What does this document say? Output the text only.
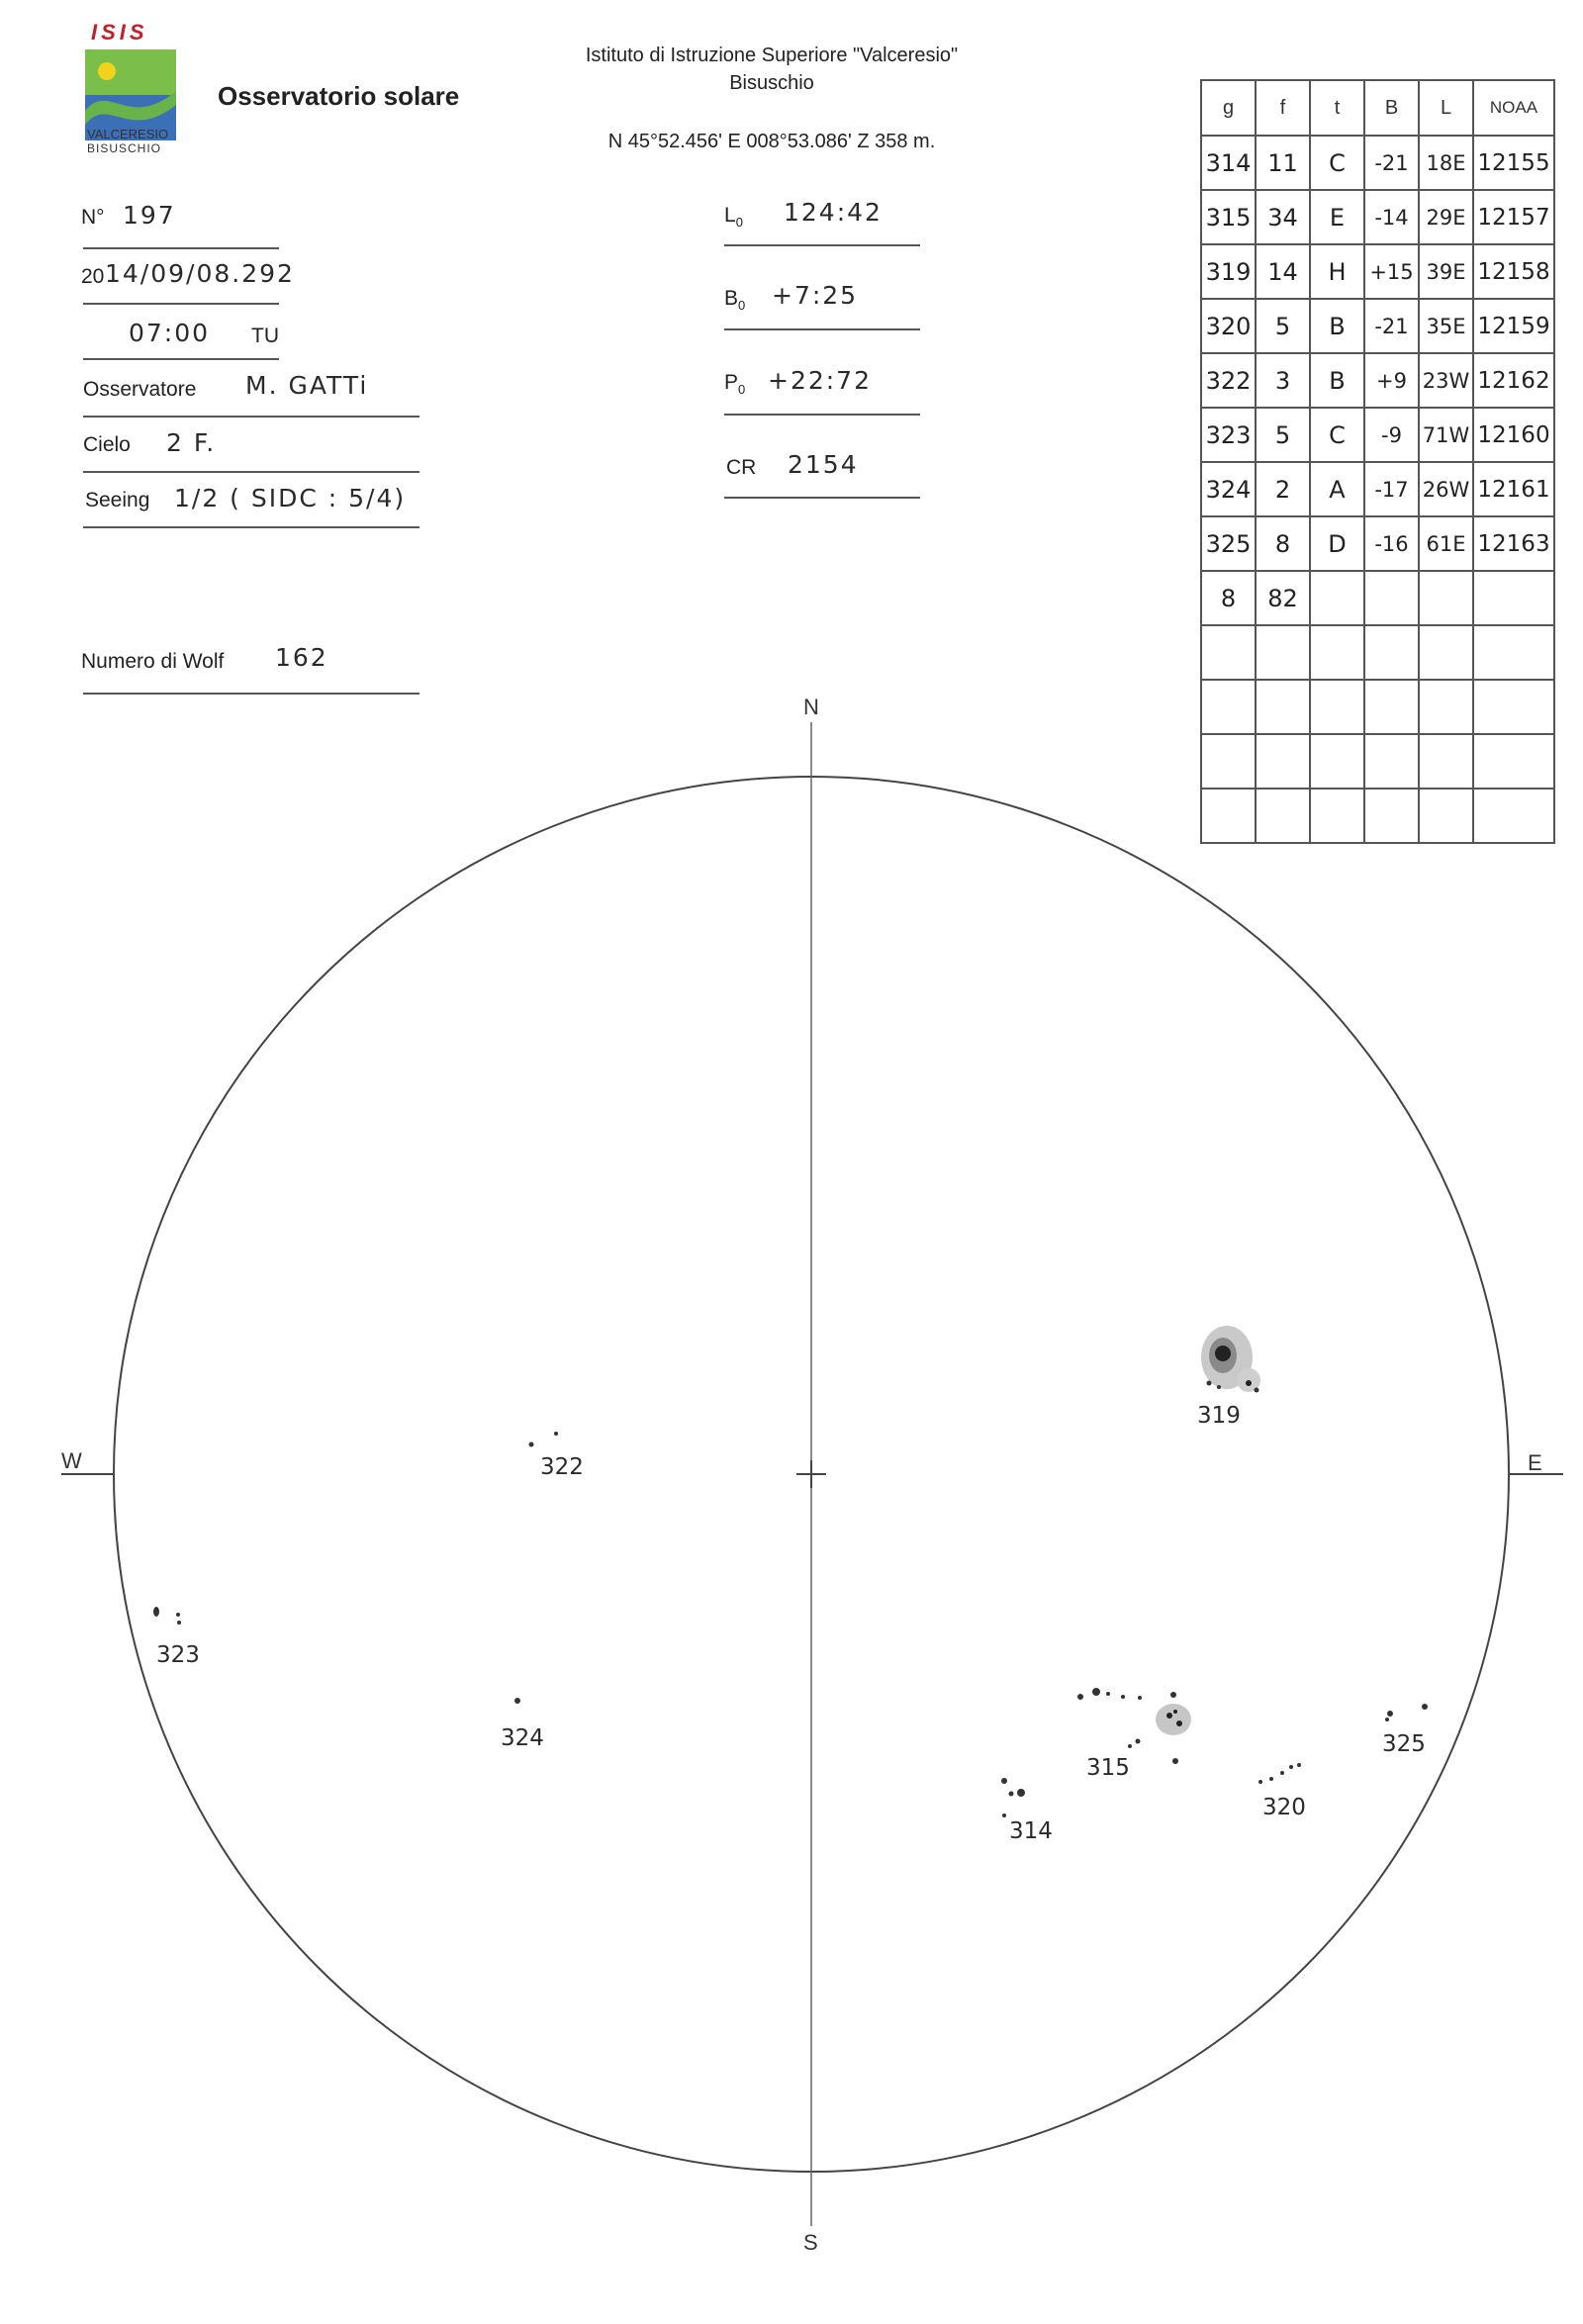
ISIS
VALCERESIO
BISUSCHIO
Osservatorio solare
Istituto di Istruzione Superiore "Valceresio"
Bisuschio
N 45°52.456' E 008°53.086' Z 358 m.
N° 197
20 14/09/08.292
07:00 TU
Osservatore M. GATTi
Cielo 2 F.
Seeing 1/2 ( SIDC : 5/4)
Numero di Wolf 162
$L_0$ 124:42
$B_0$ +7:25
$P_0$ +22:72
CR 2154
g	f	t	B	L	NOAA
314	11	C	-21	18E	12155
315	34	E	-14	29E	12157
319	14	H	+15	39E	12158
320	5	B	-21	35E	12159
322	3	B	+9	23W	12162
323	5	C	-9	71W	12160
324	2	A	-17	26W	12161
325	8	D	-16	61E	12163
8	82				

N
S
E
W
319
322
323
324
315
314
320
325
